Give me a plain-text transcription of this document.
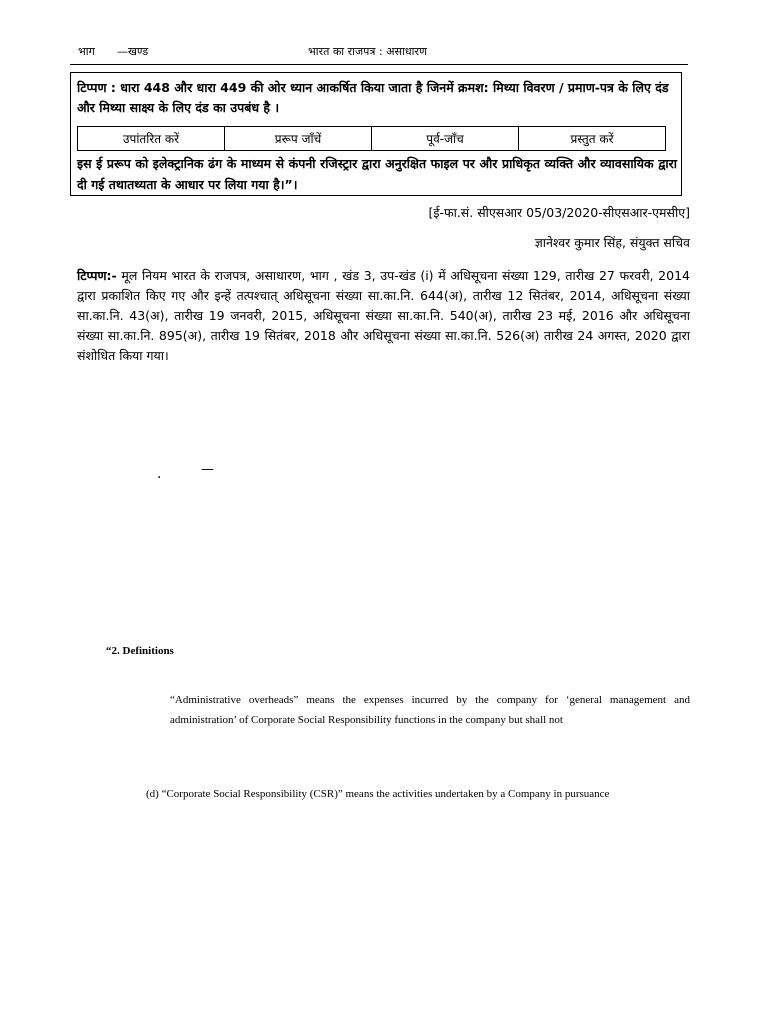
भाग —खण्ड	भारत का राजपत्र : असाधारण
टिप्पण : धारा 448 और धारा 449 की ओर ध्यान आकर्षित किया जाता है जिनमें क्रमश: मिथ्या विवरण / प्रमाण-पत्र के लिए दंड और मिथ्या साक्ष्य के लिए दंड का उपबंध है ।
उपांतरित करें	प्ररूप जाँचें	पूर्व-जाँच	प्रस्तुत करें
इस ई प्ररूप को इलेक्ट्रानिक ढंग के माध्यम से कंपनी रजिस्ट्रार द्वारा अनुरक्षित फाइल पर और प्राधिकृत व्यक्ति और व्यावसायिक द्वारा दी गई तथातथ्यता के आधार पर लिया गया है।”।
[ई-फा.सं. सीएसआर 05/03/2020-सीएसआर-एमसीए]
ज्ञानेश्वर कुमार सिंह, संयुक्त सचिव
टिप्पण:- मूल नियम भारत के राजपत्र, असाधारण, भाग , खंड 3, उप-खंड (i) में अधिसूचना संख्या 129, तारीख 27 फरवरी, 2014 द्वारा प्रकाशित किए गए और इन्हें तत्पश्चात् अधिसूचना संख्या सा.का.नि. 644(अ), तारीख 12 सितंबर, 2014, अधिसूचना संख्या सा.का.नि. 43(अ), तारीख 19 जनवरी, 2015, अधिसूचना संख्या सा.का.नि. 540(अ), तारीख 23 मई, 2016 और अधिसूचना संख्या सा.का.नि. 895(अ), तारीख 19 सितंबर, 2018 और अधिसूचना संख्या सा.का.नि. 526(अ) तारीख 24 अगस्त, 2020 द्वारा संशोधित किया गया।
.	—
“2. Definitions
“Administrative overheads” means the expenses incurred by the company for ‘general management and administration’ of Corporate Social Responsibility functions in the company but shall not
(d) “Corporate Social Responsibility (CSR)” means the activities undertaken by a Company in pursuance
